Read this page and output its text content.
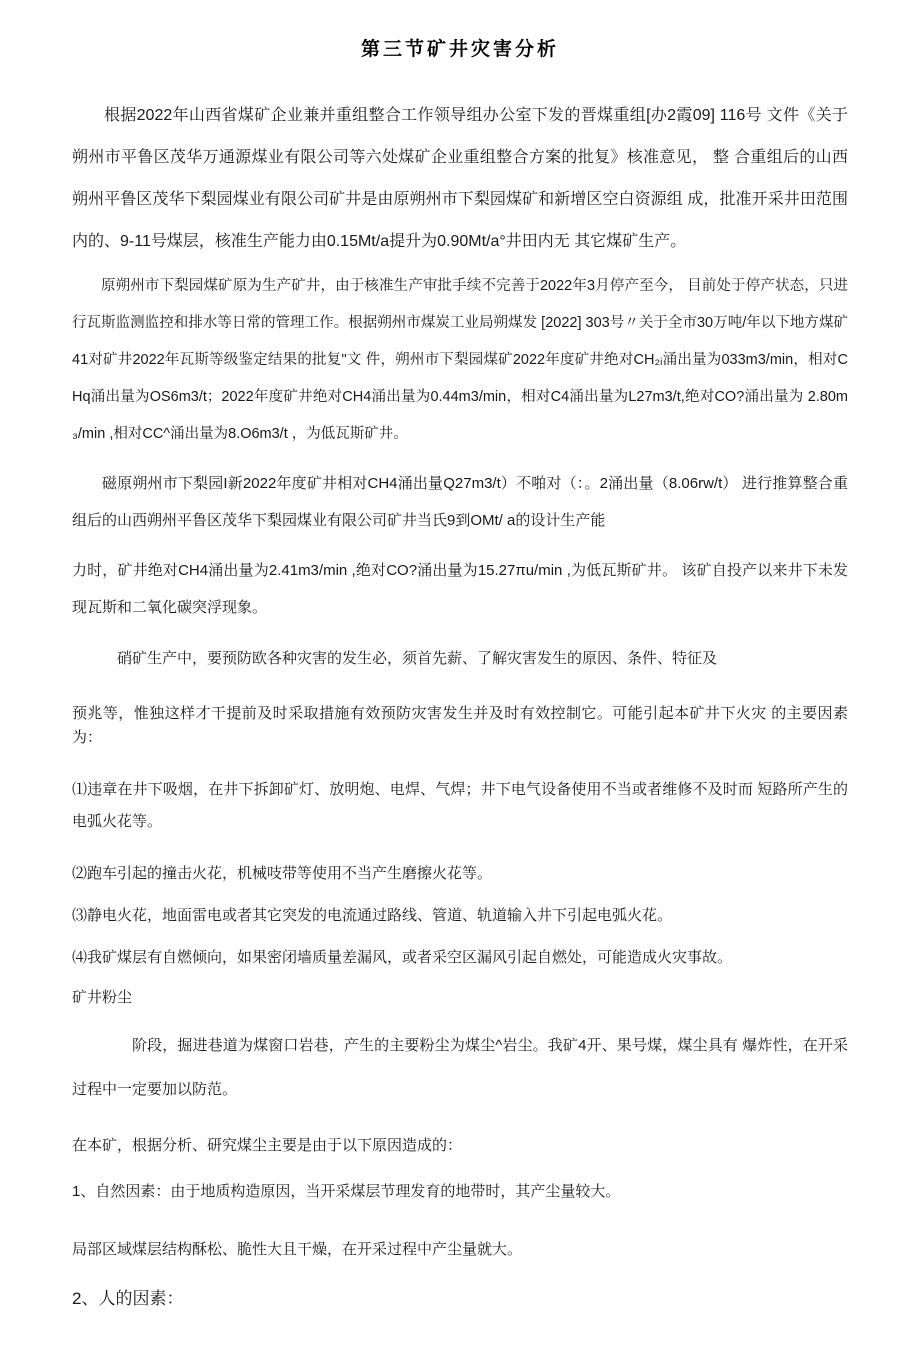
第三节矿井灾害分析

根据2022年山西省煤矿企业兼并重组整合工作领导组办公室下发的晋煤重组[办2霞09] 116号 文件《关于朔州市平鲁区茂华万通源煤业有限公司等六处煤矿企业重组整合方案的批复》核准意见， 整 合重组后的山西朔州平鲁区茂华下梨园煤业有限公司矿井是由原朔州市下梨园煤矿和新增区空白资源组 成，批准开采井田范围内的、9-11号煤层，核准生产能力由0.15Mt/a提升为0.90Mt/a°井田内无 其它煤矿生产。

原朔州市下梨园煤矿原为生产矿井，由于核准生产审批手续不完善于2022年3月停产至今， 目前处于停产状态，只进行瓦斯监测监控和排水等日常的管理工作。根据朔州市煤炭工业局朔煤发 [2022] 303号〃关于全市30万吨/年以下地方煤矿41对矿井2022年瓦斯等级鉴定结果的批复"文 件，朔州市下梨园煤矿2022年度矿井绝对CH₂ᵢ涌出量为033m3/min，相对CHq涌出量为OS6m3/t；2022年度矿井绝对CH4涌出量为0.44m3/min，相对C4涌出量为L27m3/t,绝对CO?涌出量为 2.80m₃/min ,相对CC^涌出量为8.O6m3/t ，为低瓦斯矿井。

磁原朔州市下梨园I新2022年度矿井相对CH4涌出量Q27m3/t）不啪对（：。2涌出量（8.06rw/t） 进行推算整合重组后的山西朔州平鲁区茂华下梨园煤业有限公司矿井当氏9到OMt/ a的设计生产能

力时，矿井绝对CH4涌出量为2.41m3/min ,绝对CO?涌出量为15.27πu/min ,为低瓦斯矿井。 该矿自投产以来井下未发现瓦斯和二氧化碳突浮现象。

硝矿生产中，要预防欧各种灾害的发生必，须首先薪、了解灾害发生的原因、条件、特征及

预兆等，惟独这样才干提前及时采取措施有效预防灾害发生并及时有效控制它。可能引起本矿井下火灾 的主要因素为：

⑴违章在井下吸烟，在井下拆卸矿灯、放明炮、电焊、气焊；井下电气设备使用不当或者维修不及时而 短路所产生的电弧火花等。

⑵跑车引起的撞击火花，机械吱带等使用不当产生磨擦火花等。

⑶静电火花，地面雷电或者其它突发的电流通过路线、管道、轨道输入井下引起电弧火花。

⑷我矿煤层有自燃倾向，如果密闭墙质量差漏风，或者采空区漏风引起自燃处，可能造成火灾事故。

矿井粉尘

阶段，掘进巷道为煤窗口岩巷，产生的主要粉尘为煤尘^岩尘。我矿4开、果号煤，煤尘具有 爆炸性，在开采过程中一定要加以防范。

在本矿，根据分析、研究煤尘主要是由于以下原因造成的：

1、自然因素：由于地质构造原因，当开采煤层节理发育的地带时，其产尘量较大。

局部区域煤层结构酥松、脆性大且干燥，在开采过程中产尘量就大。

2、人的因素：
